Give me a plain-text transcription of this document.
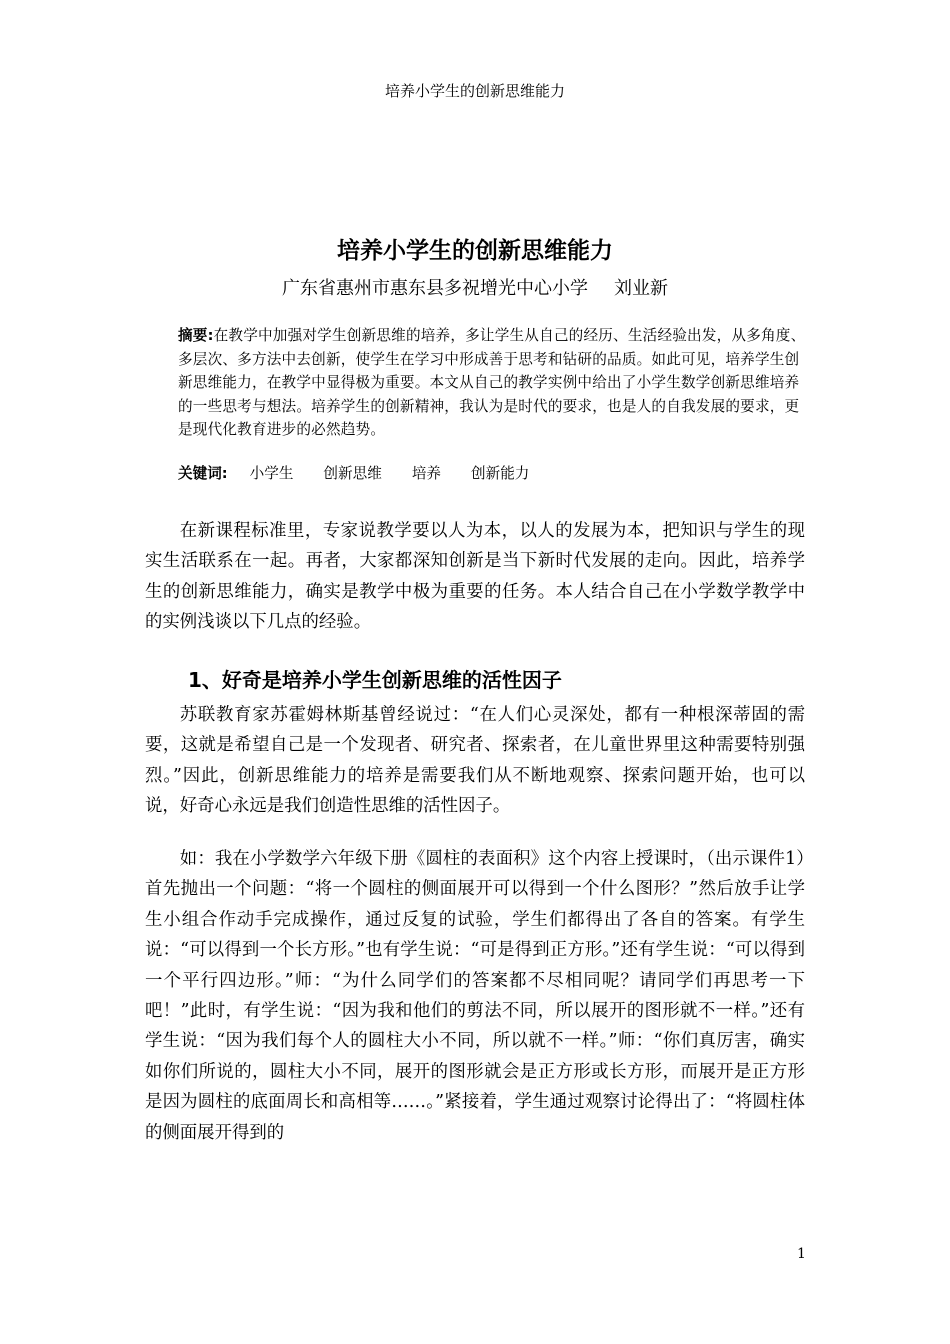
培养小学生的创新思维能力
培养小学生的创新思维能力
广东省惠州市惠东县多祝增光中心小学 刘业新
摘要:在教学中加强对学生创新思维的培养，多让学生从自己的经历、生活经验出发，从多角度、多层次、多方法中去创新，使学生在学习中形成善于思考和钻研的品质。如此可见，培养学生创新思维能力，在教学中显得极为重要。本文从自己的教学实例中给出了小学生数学创新思维培养的一些思考与想法。培养学生的创新精神，我认为是时代的要求，也是人的自我发展的要求，更是现代化教育进步的必然趋势。
关键词: 小学生 创新思维 培养 创新能力

在新课程标准里，专家说教学要以人为本，以人的发展为本，把知识与学生的现实生活联系在一起。再者，大家都深知创新是当下新时代发展的走向。因此，培养学生的创新思维能力，确实是教学中极为重要的任务。本人结合自己在小学数学教学中的实例浅谈以下几点的经验。

1、好奇是培养小学生创新思维的活性因子

苏联教育家苏霍姆林斯基曾经说过：“在人们心灵深处，都有一种根深蒂固的需要，这就是希望自己是一个发现者、研究者、探索者，在儿童世界里这种需要特别强烈。”因此，创新思维能力的培养是需要我们从不断地观察、探索问题开始，也可以说，好奇心永远是我们创造性思维的活性因子。

如：我在小学数学六年级下册《圆柱的表面积》这个内容上授课时，（出示课件1）首先抛出一个问题：“将一个圆柱的侧面展开可以得到一个什么图形？”然后放手让学生小组合作动手完成操作，通过反复的试验，学生们都得出了各自的答案。有学生说：“可以得到一个长方形。”也有学生说：“可是得到正方形。”还有学生说：“可以得到一个平行四边形。”师：“为什么同学们的答案都不尽相同呢？请同学们再思考一下吧！”此时，有学生说：“因为我和他们的剪法不同，所以展开的图形就不一样。”还有学生说：“因为我们每个人的圆柱大小不同，所以就不一样。”师：“你们真厉害，确实如你们所说的，圆柱大小不同，展开的图形就会是正方形或长方形，而展开是正方形是因为圆柱的底面周长和高相等……。”紧接着，学生通过观察讨论得出了：“将圆柱体的侧面展开得到的

1
